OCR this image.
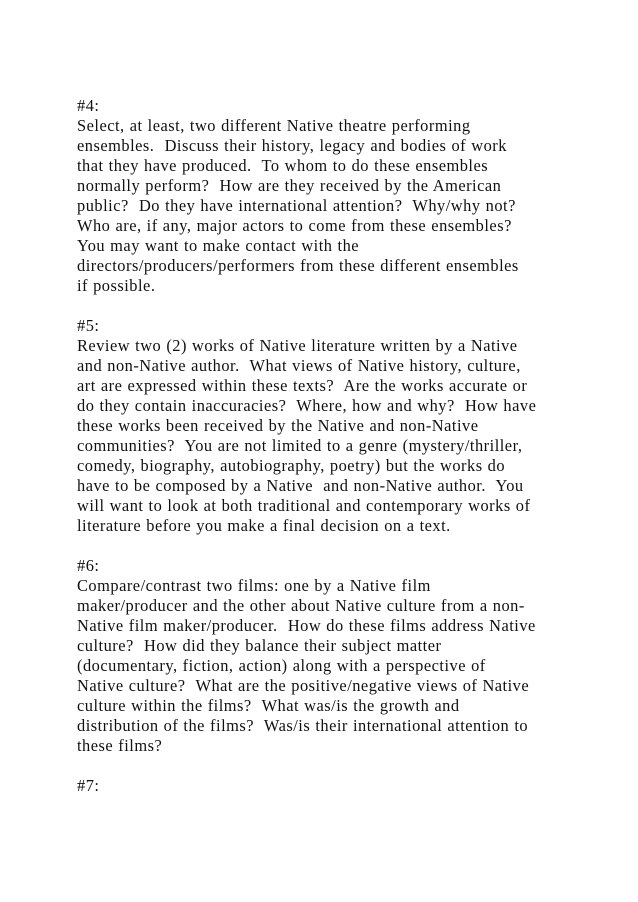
#4:
Select, at least, two different Native theatre performing
ensembles.  Discuss their history, legacy and bodies of work
that they have produced.  To whom to do these ensembles
normally perform?  How are they received by the American
public?  Do they have international attention?  Why/why not?
Who are, if any, major actors to come from these ensembles?
You may want to make contact with the
directors/producers/performers from these different ensembles
if possible.
#5:
Review two (2) works of Native literature written by a Native
and non-Native author.  What views of Native history, culture,
art are expressed within these texts?  Are the works accurate or
do they contain inaccuracies?  Where, how and why?  How have
these works been received by the Native and non-Native
communities?  You are not limited to a genre (mystery/thriller,
comedy, biography, autobiography, poetry) but the works do
have to be composed by a Native  and non-Native author.  You
will want to look at both traditional and contemporary works of
literature before you make a final decision on a text.
#6:
Compare/contrast two films: one by a Native film
maker/producer and the other about Native culture from a non-
Native film maker/producer.  How do these films address Native
culture?  How did they balance their subject matter
(documentary, fiction, action) along with a perspective of
Native culture?  What are the positive/negative views of Native
culture within the films?  What was/is the growth and
distribution of the films?  Was/is their international attention to
these films?
#7:
